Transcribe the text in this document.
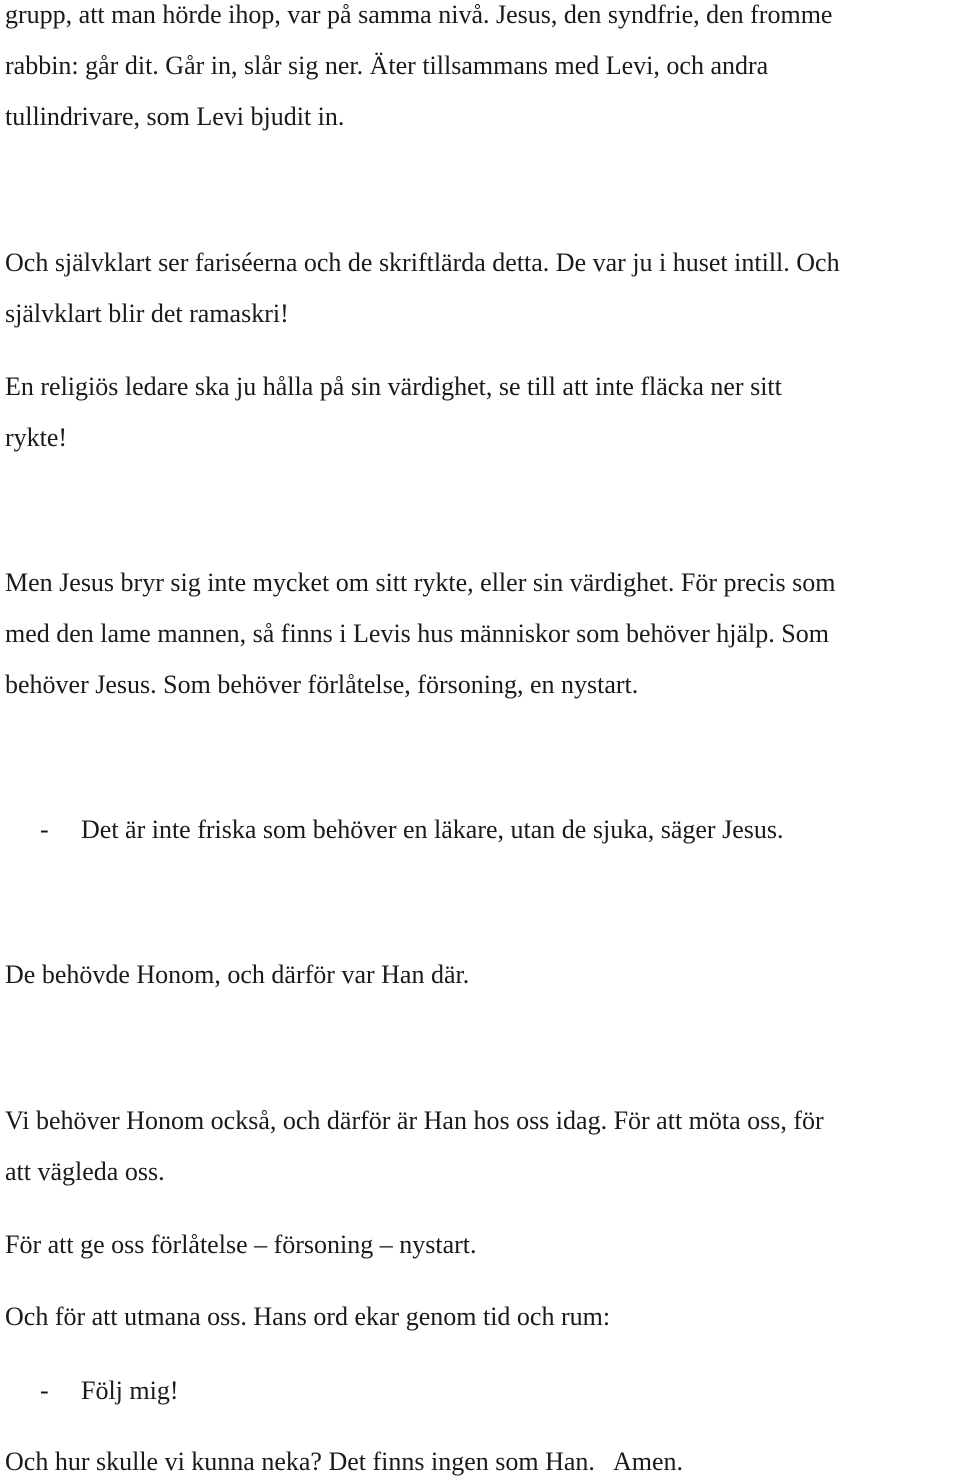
grupp, att man hörde ihop, var på samma nivå. Jesus, den syndfrie, den fromme
rabbin: går dit. Går in, slår sig ner. Äter tillsammans med Levi, och andra
tullindrivare, som Levi bjudit in.
Och självklart ser fariséerna och de skriftlärda detta. De var ju i huset intill. Och
självklart blir det ramaskri!
En religiös ledare ska ju hålla på sin värdighet, se till att inte fläcka ner sitt
rykte!
Men Jesus bryr sig inte mycket om sitt rykte, eller sin värdighet. För precis som
med den lame mannen, så finns i Levis hus människor som behöver hjälp. Som
behöver Jesus. Som behöver förlåtelse, försoning, en nystart.
- Det är inte friska som behöver en läkare, utan de sjuka, säger Jesus.
De behövde Honom, och därför var Han där.
Vi behöver Honom också, och därför är Han hos oss idag. För att möta oss, för
att vägleda oss.
För att ge oss förlåtelse – försoning – nystart.
Och för att utmana oss. Hans ord ekar genom tid och rum:
- Följ mig!
Och hur skulle vi kunna neka? Det finns ingen som Han.   Amen.
